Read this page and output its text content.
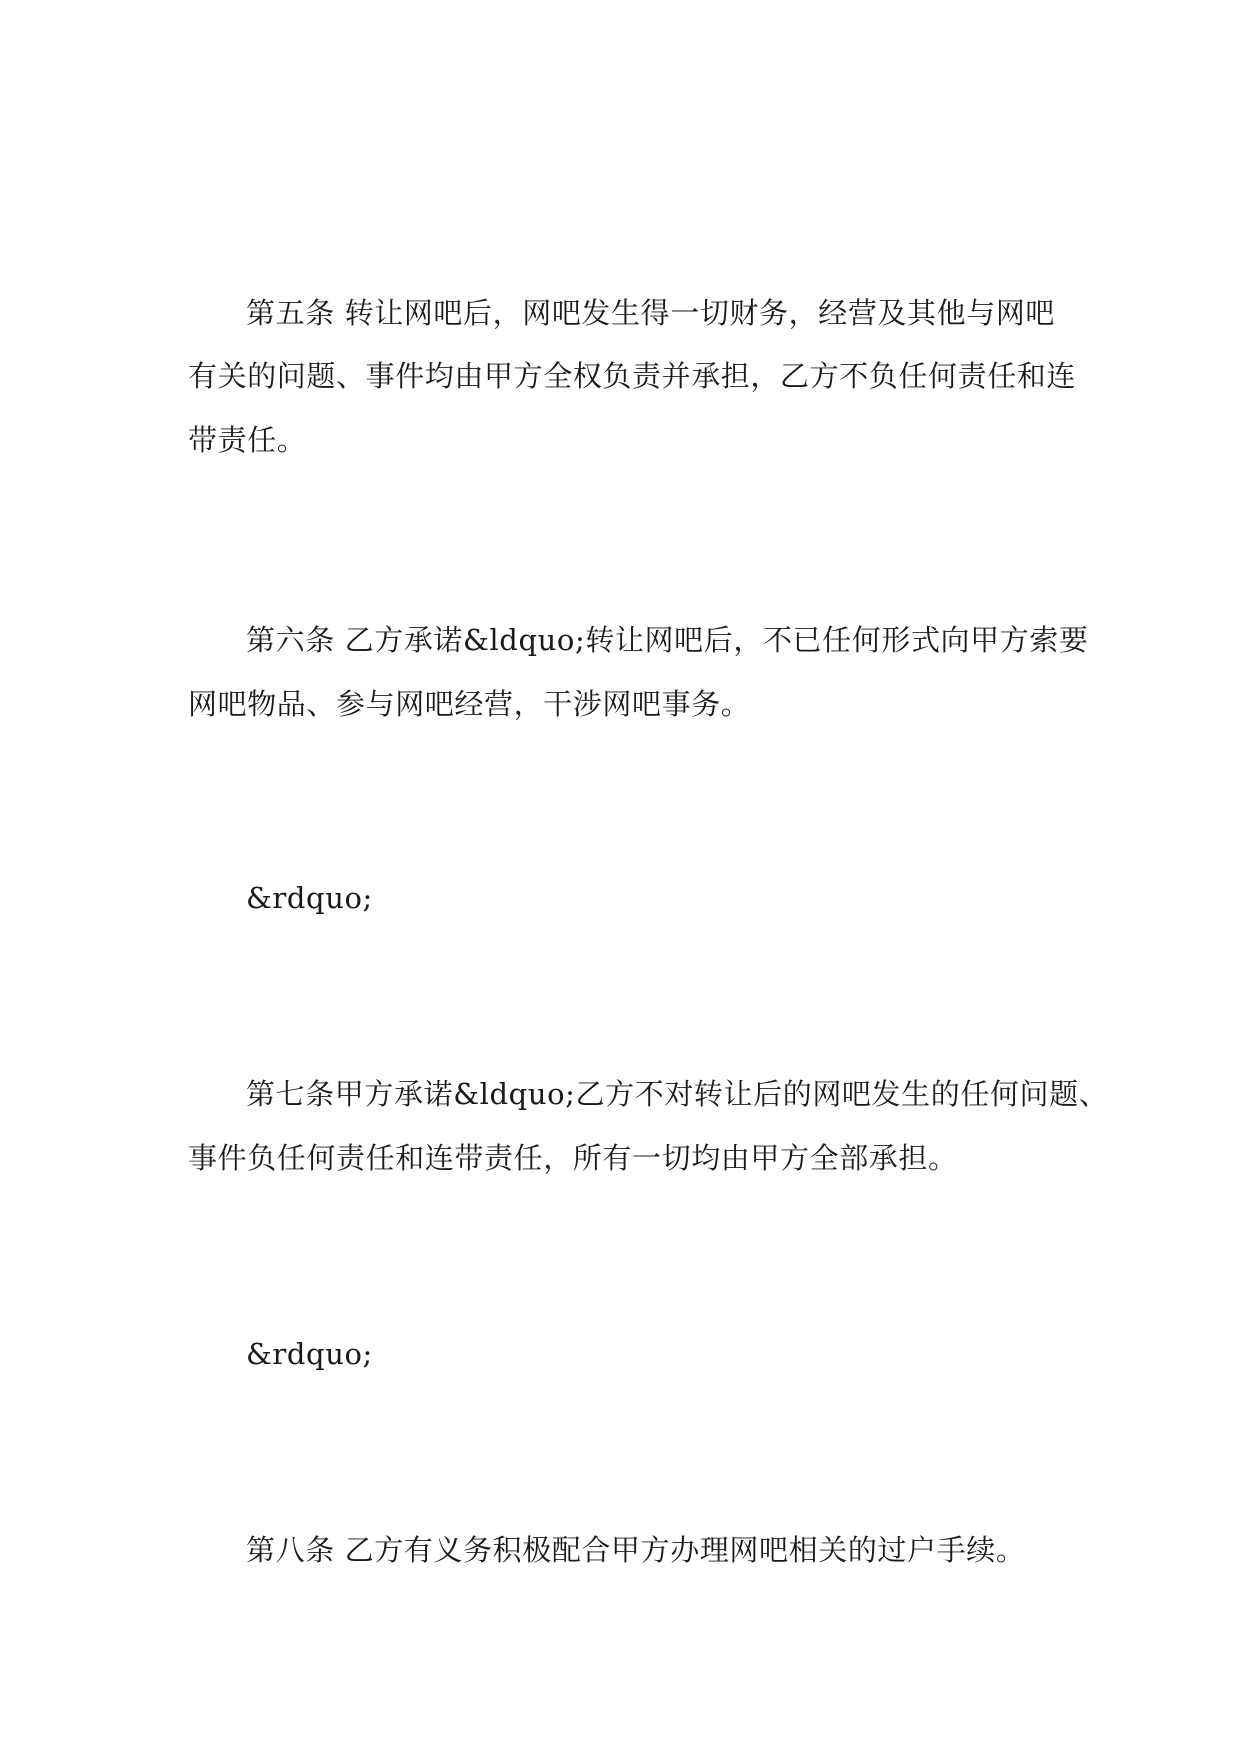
第五条 转让网吧后，网吧发生得一切财务，经营及其他与网吧
有关的问题、事件均由甲方全权负责并承担，乙方不负任何责任和连
带责任。
第六条 乙方承诺&ldquo;转让网吧后，不已任何形式向甲方索要
网吧物品、参与网吧经营，干涉网吧事务。
&rdquo;
第七条甲方承诺&ldquo;乙方不对转让后的网吧发生的任何问题、
事件负任何责任和连带责任，所有一切均由甲方全部承担。
&rdquo;
第八条 乙方有义务积极配合甲方办理网吧相关的过户手续。
